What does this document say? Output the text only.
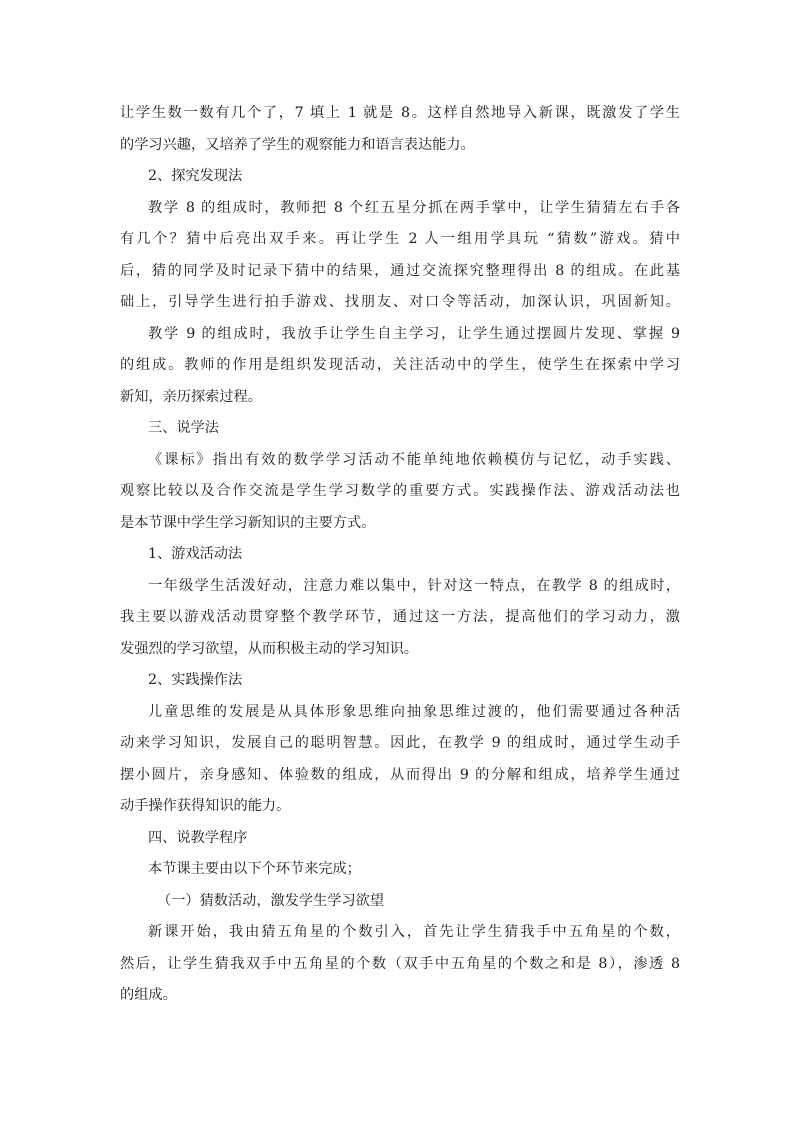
让学生数一数有几个了，7 填上 1 就是 8。这样自然地导入新课，既激发了学生
的学习兴趣，又培养了学生的观察能力和语言表达能力。
2、探究发现法
教学 8 的组成时，教师把 8 个红五星分抓在两手掌中，让学生猜猜左右手各
有几个？猜中后亮出双手来。再让学生 2 人一组用学具玩 “猜数”游戏。猜中
后，猜的同学及时记录下猜中的结果，通过交流探究整理得出 8 的组成。在此基
础上，引导学生进行拍手游戏、找朋友、对口令等活动，加深认识，巩固新知。
教学 9 的组成时，我放手让学生自主学习，让学生通过摆圆片发现、掌握 9
的组成。教师的作用是组织发现活动，关注活动中的学生，使学生在探索中学习
新知，亲历探索过程。
三、说学法
《课标》指出有效的数学学习活动不能单纯地依赖模仿与记忆，动手实践、
观察比较以及合作交流是学生学习数学的重要方式。实践操作法、游戏活动法也
是本节课中学生学习新知识的主要方式。
1、游戏活动法
一年级学生活泼好动，注意力难以集中，针对这一特点，在教学 8 的组成时，
我主要以游戏活动贯穿整个教学环节，通过这一方法，提高他们的学习动力，激
发强烈的学习欲望，从而积极主动的学习知识。
2、实践操作法
儿童思维的发展是从具体形象思维向抽象思维过渡的，他们需要通过各种活
动来学习知识，发展自己的聪明智慧。因此，在教学 9 的组成时，通过学生动手
摆小圆片，亲身感知、体验数的组成，从而得出 9 的分解和组成，培养学生通过
动手操作获得知识的能力。
四、说教学程序
本节课主要由以下个环节来完成；
（一）猜数活动，激发学生学习欲望
新课开始，我由猜五角星的个数引入，首先让学生猜我手中五角星的个数，
然后，让学生猜我双手中五角星的个数（双手中五角星的个数之和是 8），渗透 8
的组成。
